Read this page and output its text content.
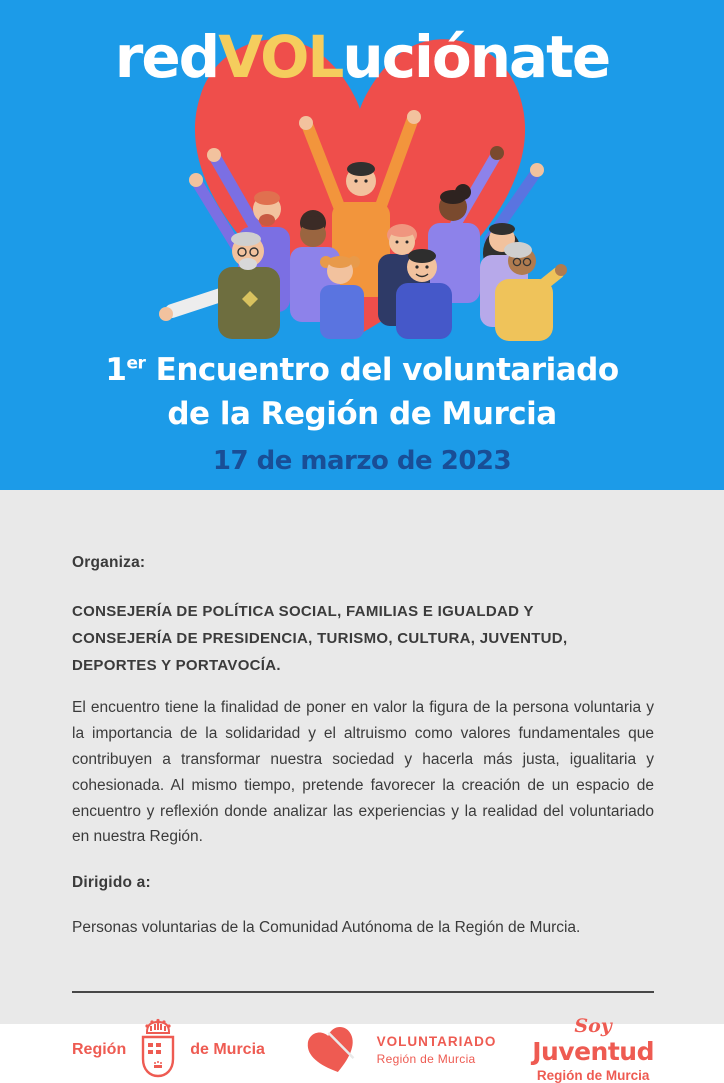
redVOLuciónate
1er Encuentro del voluntariado
de la Región de Murcia
17 de marzo de 2023
Organiza:
CONSEJERÍA DE POLÍTICA SOCIAL, FAMILIAS E IGUALDAD Y CONSEJERÍA DE PRESIDENCIA, TURISMO, CULTURA, JUVENTUD, DEPORTES Y PORTAVOCÍA.
El encuentro tiene la finalidad de poner en valor la figura de la persona voluntaria y la importancia de la solidaridad y el altruismo como valores fundamentales que contribuyen a transformar nuestra sociedad y hacerla más justa, igualitaria y cohesionada. Al mismo tiempo, pretende favorecer la creación de un espacio de encuentro y reflexión donde analizar las experiencias y la realidad del voluntariado en nuestra Región.
Dirigido a:
Personas voluntarias de la Comunidad Autónoma de la Región de Murcia.
Región	de Murcia	VOLUNTARIADO
Región de Murcia
Soy
Juventud
Región de Murcia
